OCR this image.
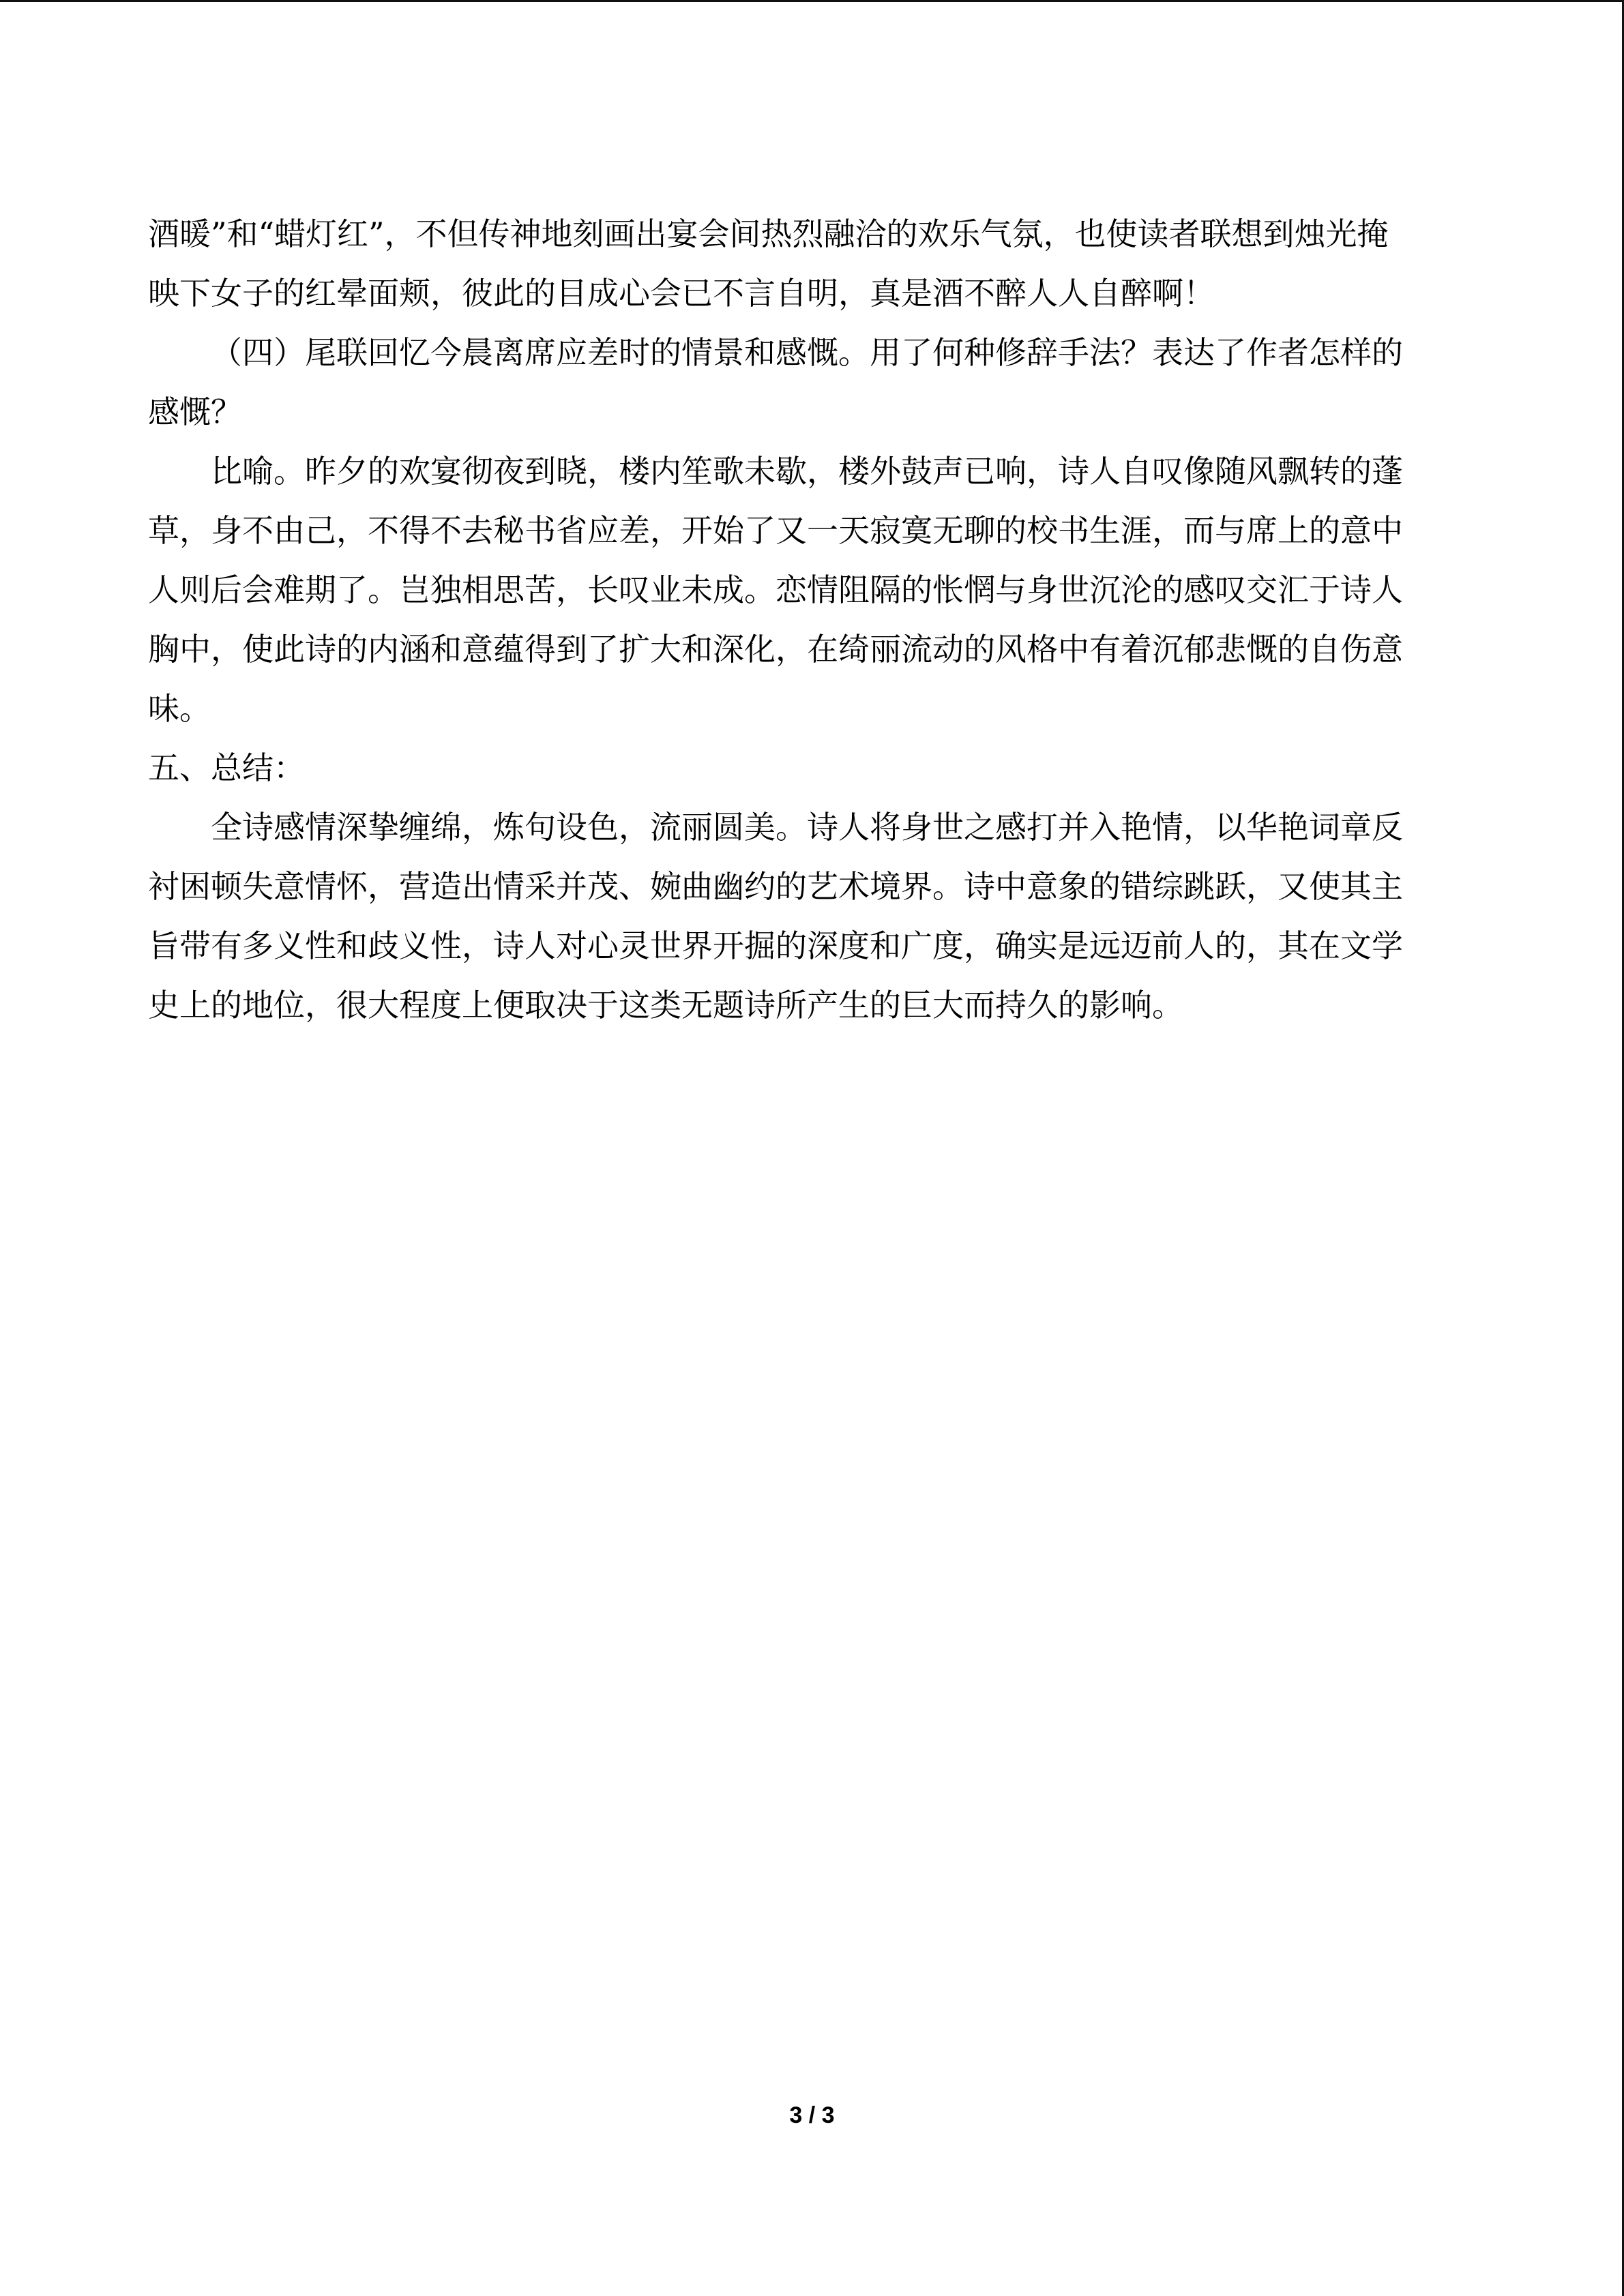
酒暖”和“蜡灯红”，不但传神地刻画出宴会间热烈融洽的欢乐气氛，也使读者联想到烛光掩
映下女子的红晕面颊，彼此的目成心会已不言自明，真是酒不醉人人自醉啊！

（四）尾联回忆今晨离席应差时的情景和感慨。用了何种修辞手法？表达了作者怎样的
感慨？

比喻。昨夕的欢宴彻夜到晓，楼内笙歌未歇，楼外鼓声已响，诗人自叹像随风飘转的蓬
草，身不由己，不得不去秘书省应差，开始了又一天寂寞无聊的校书生涯，而与席上的意中
人则后会难期了。岂独相思苦，长叹业未成。恋情阻隔的怅惘与身世沉沦的感叹交汇于诗人
胸中，使此诗的内涵和意蕴得到了扩大和深化，在绮丽流动的风格中有着沉郁悲慨的自伤意
味。

五、总结：

全诗感情深挚缠绵，炼句设色，流丽圆美。诗人将身世之感打并入艳情，以华艳词章反
衬困顿失意情怀，营造出情采并茂、婉曲幽约的艺术境界。诗中意象的错综跳跃，又使其主
旨带有多义性和歧义性，诗人对心灵世界开掘的深度和广度，确实是远迈前人的，其在文学
史上的地位，很大程度上便取决于这类无题诗所产生的巨大而持久的影响。

3 / 3
